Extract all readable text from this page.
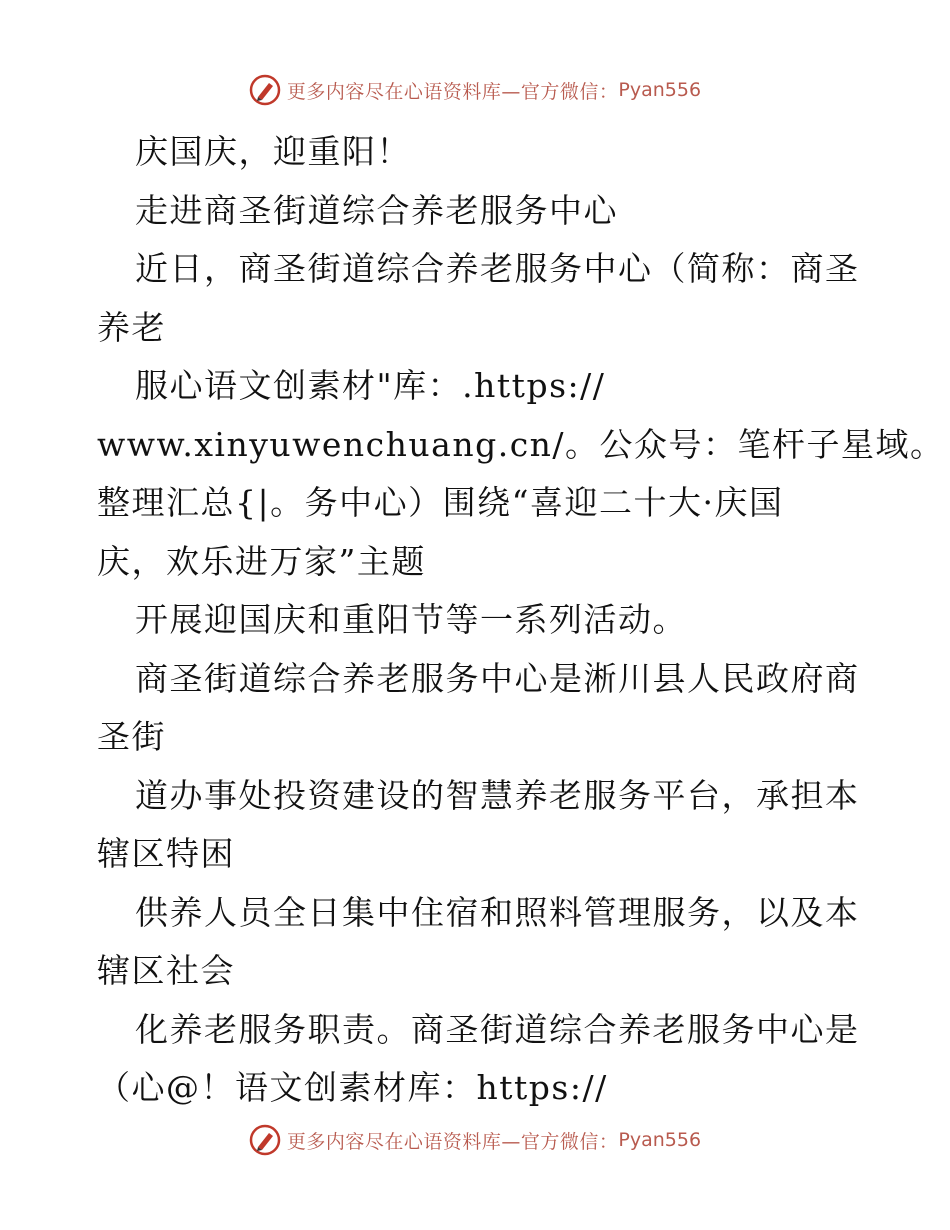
更多内容尽在心语资料库—官方微信： Pyan556
庆国庆，迎重阳！
走进商圣街道综合养老服务中心
近日，商圣街道综合养老服务中心（简称：商圣
养老
服心语文创素材"库：.https://
www.xinyuwenchuang.cn/。公众号：笔杆子星域。
整理汇总{|。务中心）围绕“喜迎二十大·庆国
庆，欢乐进万家”主题
开展迎国庆和重阳节等一系列活动。
商圣街道综合养老服务中心是淅川县人民政府商
圣街
道办事处投资建设的智慧养老服务平台，承担本
辖区特困
供养人员全日集中住宿和照料管理服务，以及本
辖区社会
化养老服务职责。商圣街道综合养老服务中心是
（心@！语文创素材库：https://
更多内容尽在心语资料库—官方微信： Pyan556
